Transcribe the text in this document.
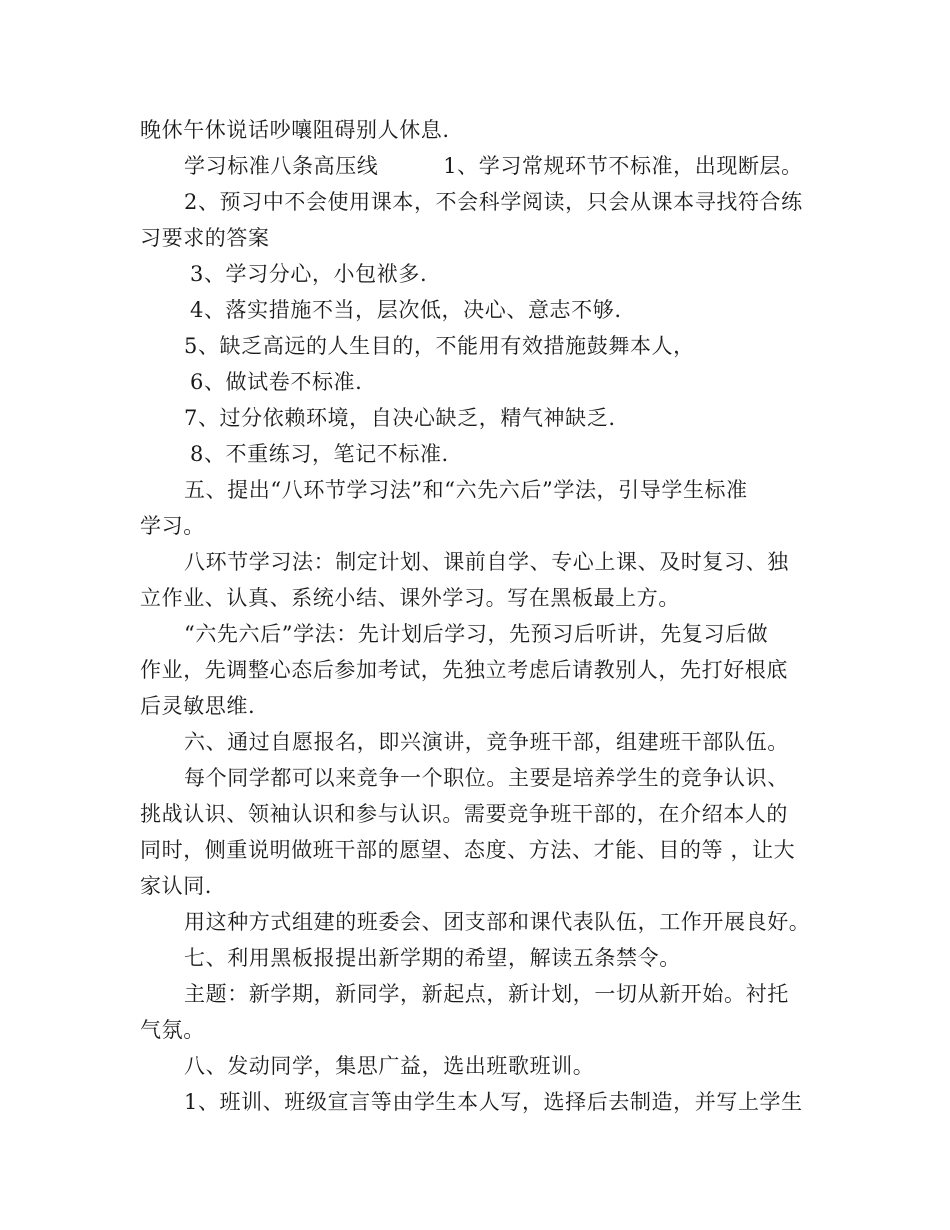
晚休午休说话吵嚷阻碍别人休息.
学习标准八条高压线　　　1、学习常规环节不标准，出现断层。
2、预习中不会使用课本，不会科学阅读，只会从课本寻找符合练
习要求的答案
3、学习分心，小包袱多.
4、落实措施不当，层次低，决心、意志不够.
5、缺乏高远的人生目的，不能用有效措施鼓舞本人，
6、做试卷不标准.
7、过分依赖环境，自决心缺乏，精气神缺乏.
8、不重练习，笔记不标准.
五、提出“八环节学习法”和“六先六后”学法，引导学生标准
学习。
八环节学习法：制定计划、课前自学、专心上课、及时复习、独
立作业、认真、系统小结、课外学习。写在黑板最上方。
“六先六后”学法：先计划后学习，先预习后听讲，先复习后做
作业，先调整心态后参加考试，先独立考虑后请教别人，先打好根底
后灵敏思维.
六、通过自愿报名，即兴演讲，竞争班干部，组建班干部队伍。
每个同学都可以来竞争一个职位。主要是培养学生的竞争认识、
挑战认识、领袖认识和参与认识。需要竞争班干部的，在介绍本人的
同时，侧重说明做班干部的愿望、态度、方法、才能、目的等 ，让大
家认同.
用这种方式组建的班委会、团支部和课代表队伍，工作开展良好。
七、利用黑板报提出新学期的希望，解读五条禁令。
主题：新学期，新同学，新起点，新计划，一切从新开始。衬托
气氛。
八、发动同学，集思广益，选出班歌班训。
1、班训、班级宣言等由学生本人写，选择后去制造，并写上学生
